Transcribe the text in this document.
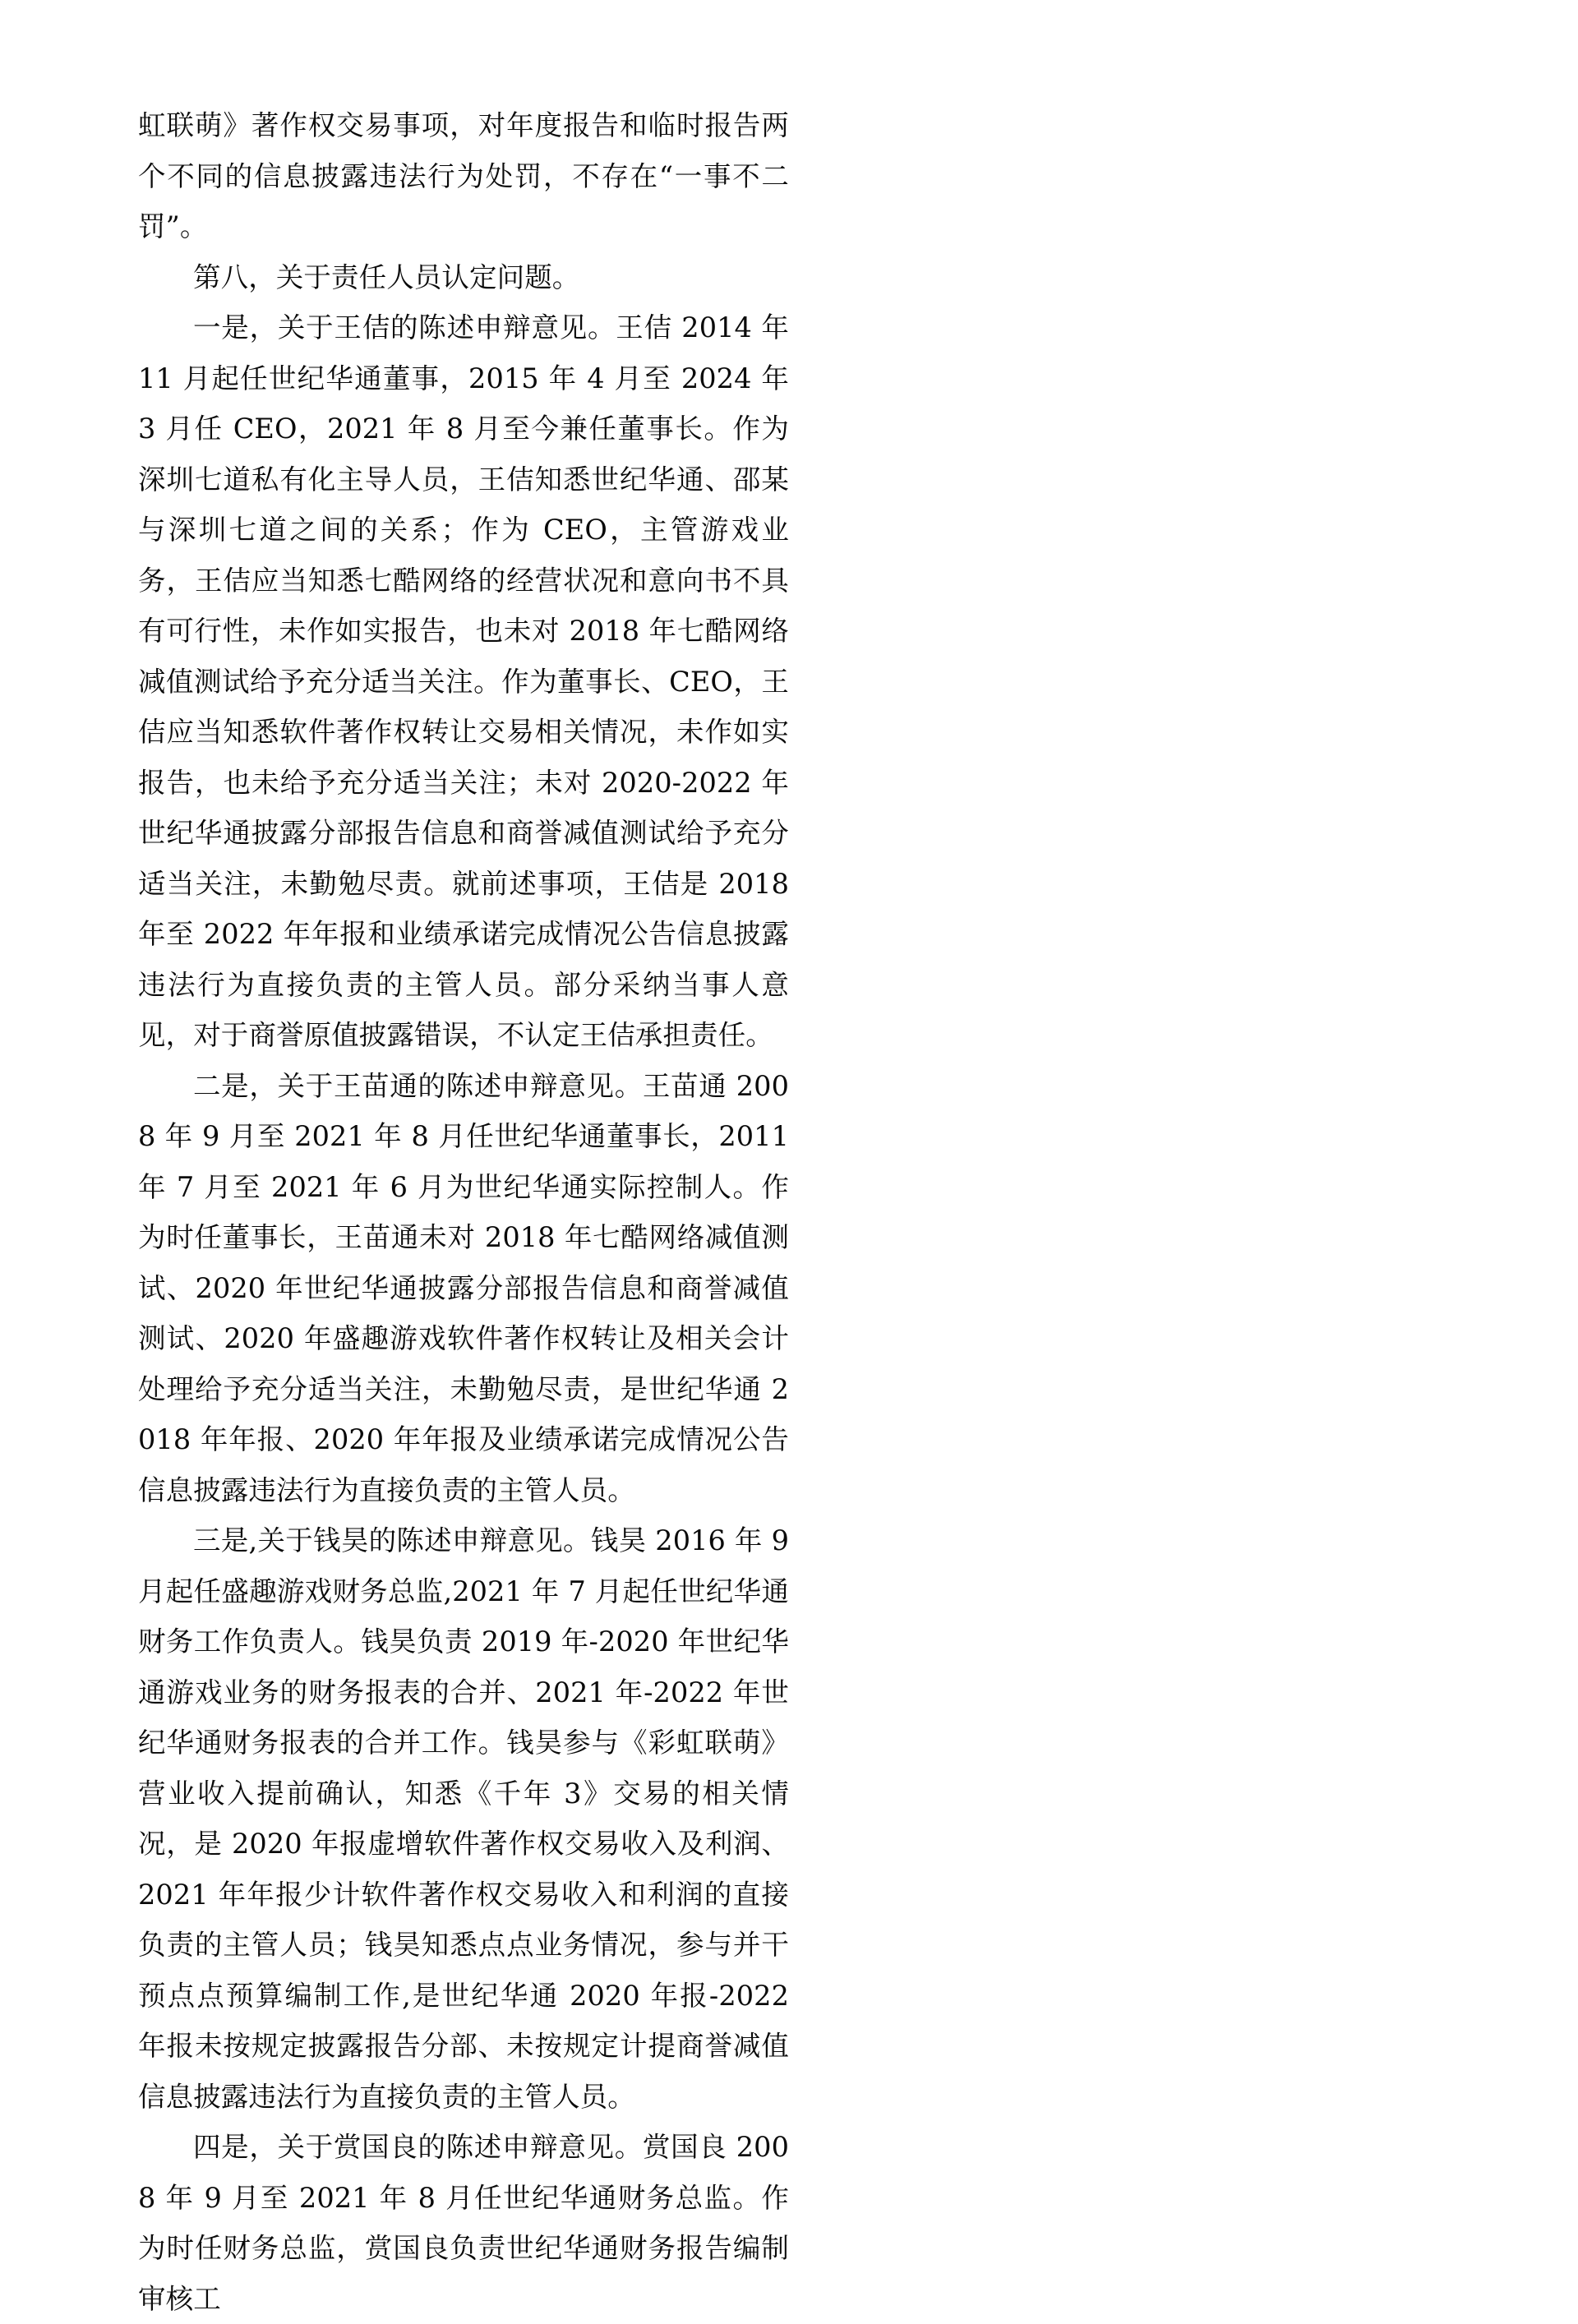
虹联萌》著作权交易事项，对年度报告和临时报告两个不同的信息披露违法行为处罚，不存在“一事不二罚”。

第八，关于责任人员认定问题。

一是，关于王佶的陈述申辩意见。王佶 2014 年 11 月起任世纪华通董事，2015 年 4 月至 2024 年 3 月任 CEO，2021 年 8 月至今兼任董事长。作为深圳七道私有化主导人员，王佶知悉世纪华通、邵某与深圳七道之间的关系；作为 CEO，主管游戏业务，王佶应当知悉七酷网络的经营状况和意向书不具有可行性，未作如实报告，也未对 2018 年七酷网络减值测试给予充分适当关注。作为董事长、CEO，王佶应当知悉软件著作权转让交易相关情况，未作如实报告，也未给予充分适当关注；未对 2020-2022 年世纪华通披露分部报告信息和商誉减值测试给予充分适当关注，未勤勉尽责。就前述事项，王佶是 2018 年至 2022 年年报和业绩承诺完成情况公告信息披露违法行为直接负责的主管人员。部分采纳当事人意见，对于商誉原值披露错误，不认定王佶承担责任。

二是，关于王苗通的陈述申辩意见。王苗通 2008 年 9 月至 2021 年 8 月任世纪华通董事长，2011 年 7 月至 2021 年 6 月为世纪华通实际控制人。作为时任董事长，王苗通未对 2018 年七酷网络减值测试、2020 年世纪华通披露分部报告信息和商誉减值测试、2020 年盛趣游戏软件著作权转让及相关会计处理给予充分适当关注，未勤勉尽责，是世纪华通 2018 年年报、2020 年年报及业绩承诺完成情况公告信息披露违法行为直接负责的主管人员。

三是,关于钱昊的陈述申辩意见。钱昊 2016 年 9 月起任盛趣游戏财务总监,2021 年 7 月起任世纪华通财务工作负责人。钱昊负责 2019 年-2020 年世纪华通游戏业务的财务报表的合并、2021 年-2022 年世纪华通财务报表的合并工作。钱昊参与《彩虹联萌》营业收入提前确认，知悉《千年 3》交易的相关情况，是 2020 年报虚增软件著作权交易收入及利润、2021 年年报少计软件著作权交易收入和利润的直接负责的主管人员；钱昊知悉点点业务情况，参与并干预点点预算编制工作,是世纪华通 2020 年报-2022 年报未按规定披露报告分部、未按规定计提商誉减值信息披露违法行为直接负责的主管人员。

四是，关于赏国良的陈述申辩意见。赏国良 2008 年 9 月至 2021 年 8 月任世纪华通财务总监。作为时任财务总监，赏国良负责世纪华通财务报告编制审核工
